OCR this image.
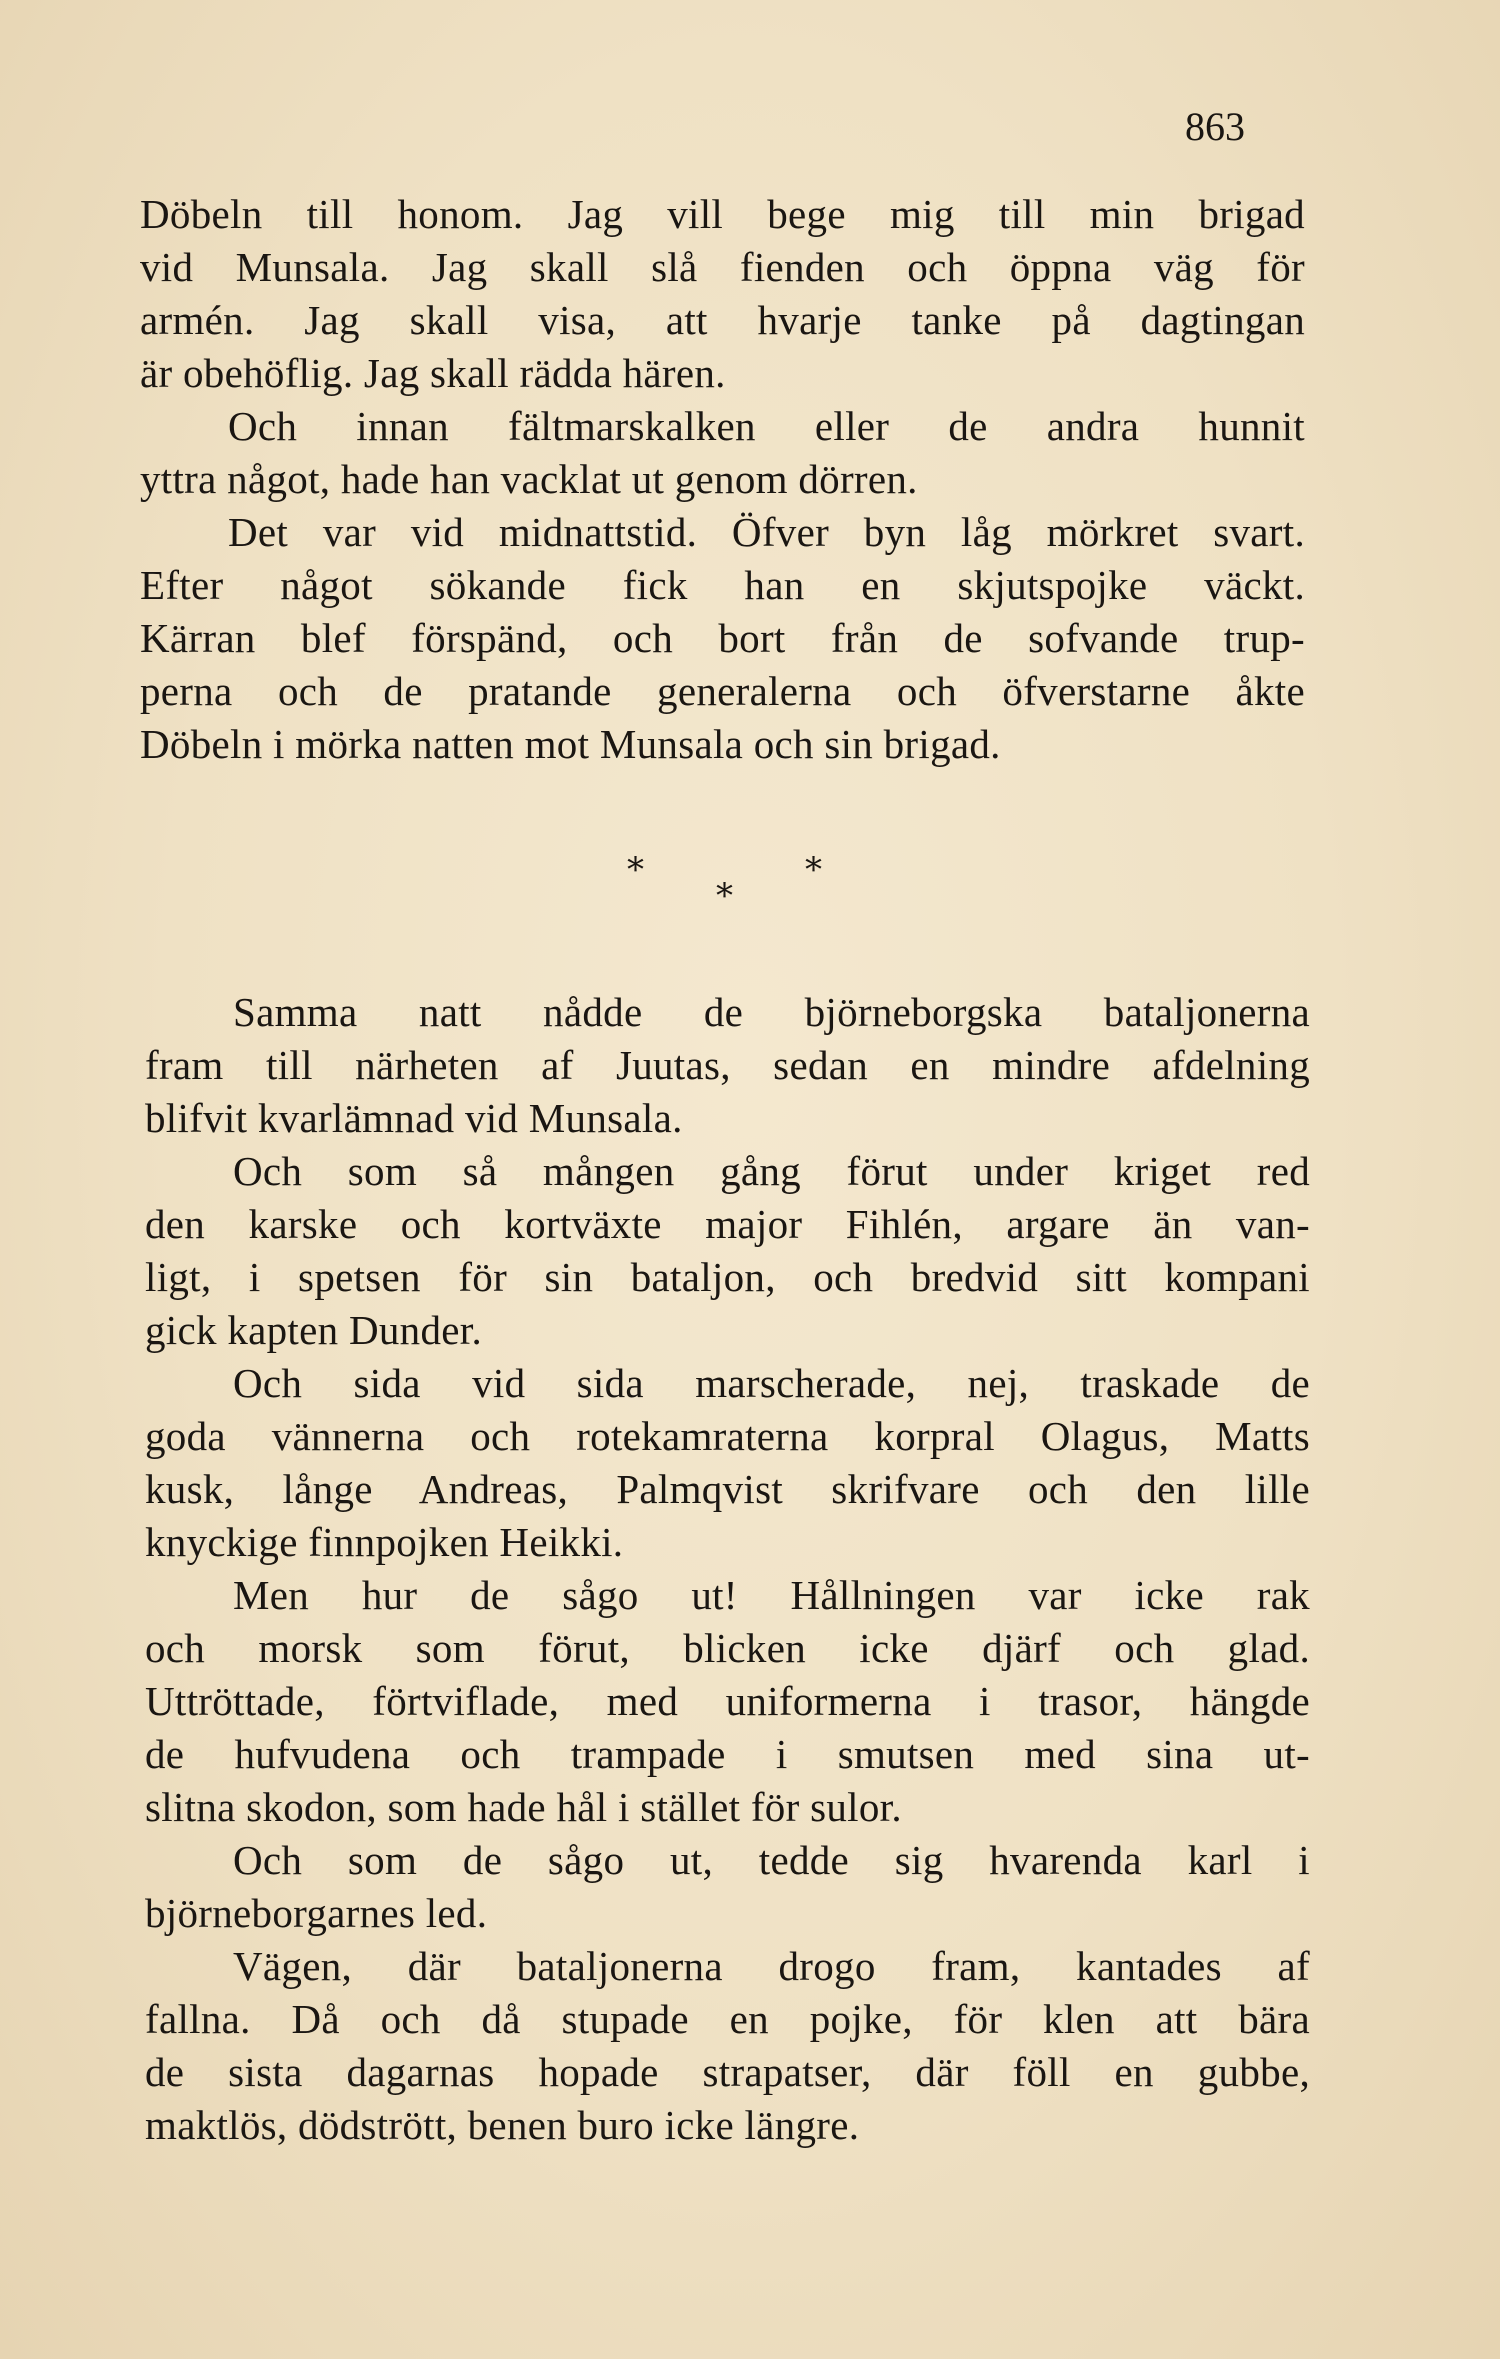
863
Döbeln till honom. Jag vill bege mig till min brigad
vid Munsala. Jag skall slå fienden och öppna väg för
armén. Jag skall visa, att hvarje tanke på dagtingan
är obehöflig. Jag skall rädda hären.
Och innan fältmarskalken eller de andra hunnit
yttra något, hade han vacklat ut genom dörren.
Det var vid midnattstid. Öfver byn låg mörkret svart.
Efter något sökande fick han en skjutspojke väckt.
Kärran blef förspänd, och bort från de sofvande trup-
perna och de pratande generalerna och öfverstarne åkte
Döbeln i mörka natten mot Munsala och sin brigad.
*	*
*
Samma natt nådde de björneborgska bataljonerna
fram till närheten af Juutas, sedan en mindre afdelning
blifvit kvarlämnad vid Munsala.
Och som så mången gång förut under kriget red
den karske och kortväxte major Fihlén, argare än van-
ligt, i spetsen för sin bataljon, och bredvid sitt kompani
gick kapten Dunder.
Och sida vid sida marscherade, nej, traskade de
goda vännerna och rotekamraterna korpral Olagus, Matts
kusk, långe Andreas, Palmqvist skrifvare och den lille
knyckige finnpojken Heikki.
Men hur de sågo ut! Hållningen var icke rak
och morsk som förut, blicken icke djärf och glad.
Uttröttade, förtviflade, med uniformerna i trasor, hängde
de hufvudena och trampade i smutsen med sina ut-
slitna skodon, som hade hål i stället för sulor.
Och som de sågo ut, tedde sig hvarenda karl i
björneborgarnes led.
Vägen, där bataljonerna drogo fram, kantades af
fallna. Då och då stupade en pojke, för klen att bära
de sista dagarnas hopade strapatser, där föll en gubbe,
maktlös, dödstrött, benen buro icke längre.
